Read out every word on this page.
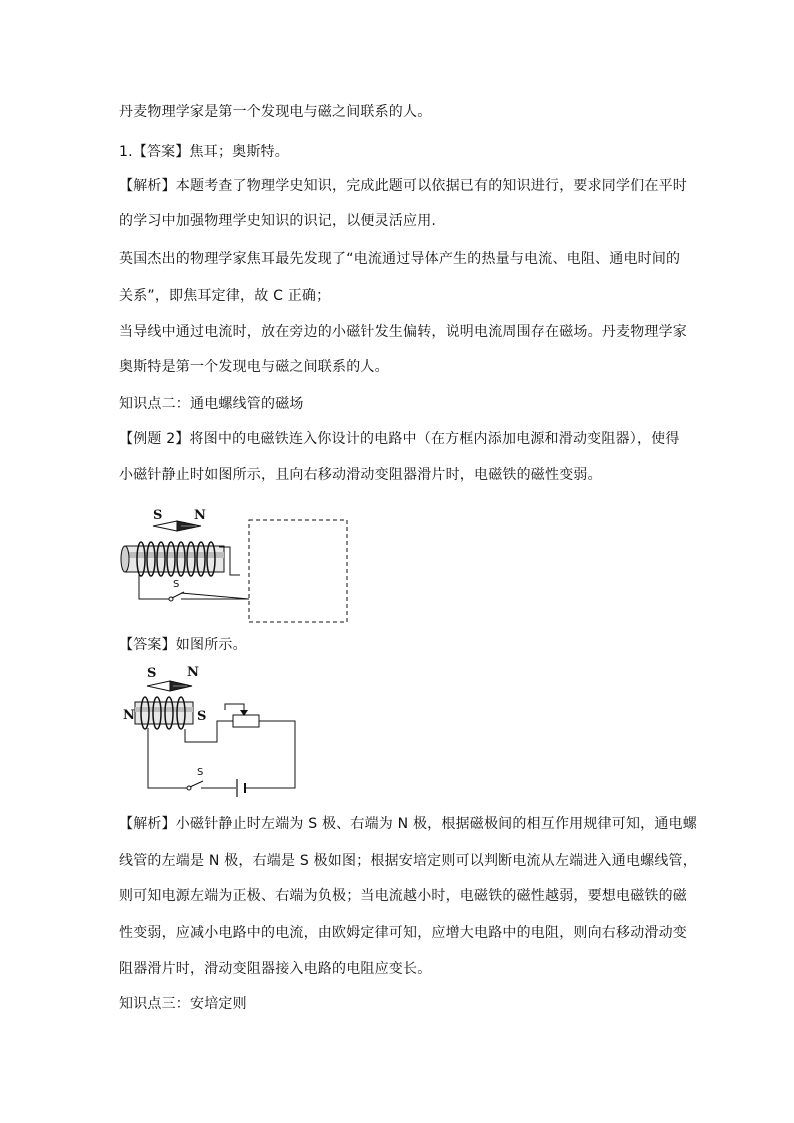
丹麦物理学家是第一个发现电与磁之间联系的人。
1.【答案】焦耳；奥斯特。
【解析】本题考查了物理学史知识，完成此题可以依据已有的知识进行，要求同学们在平时
的学习中加强物理学史知识的识记，以便灵活应用.
英国杰出的物理学家焦耳最先发现了“电流通过导体产生的热量与电流、电阻、通电时间的
关系”，即焦耳定律，故 C 正确；
当导线中通过电流时，放在旁边的小磁针发生偏转，说明电流周围存在磁场。丹麦物理学家
奥斯特是第一个发现电与磁之间联系的人。
知识点二：通电螺线管的磁场
【例题 2】将图中的电磁铁连入你设计的电路中（在方框内添加电源和滑动变阻器），使得
小磁针静止时如图所示，且向右移动滑动变阻器滑片时，电磁铁的磁性变弱。
S N
S
【答案】如图所示。
S N
N	S
S
【解析】小磁针静止时左端为 S 极、右端为 N 极，根据磁极间的相互作用规律可知，通电螺
线管的左端是 N 极，右端是 S 极如图；根据安培定则可以判断电流从左端进入通电螺线管，
则可知电源左端为正极、右端为负极；当电流越小时，电磁铁的磁性越弱，要想电磁铁的磁
性变弱，应减小电路中的电流，由欧姆定律可知，应增大电路中的电阻，则向右移动滑动变
阻器滑片时，滑动变阻器接入电路的电阻应变长。
知识点三：安培定则
